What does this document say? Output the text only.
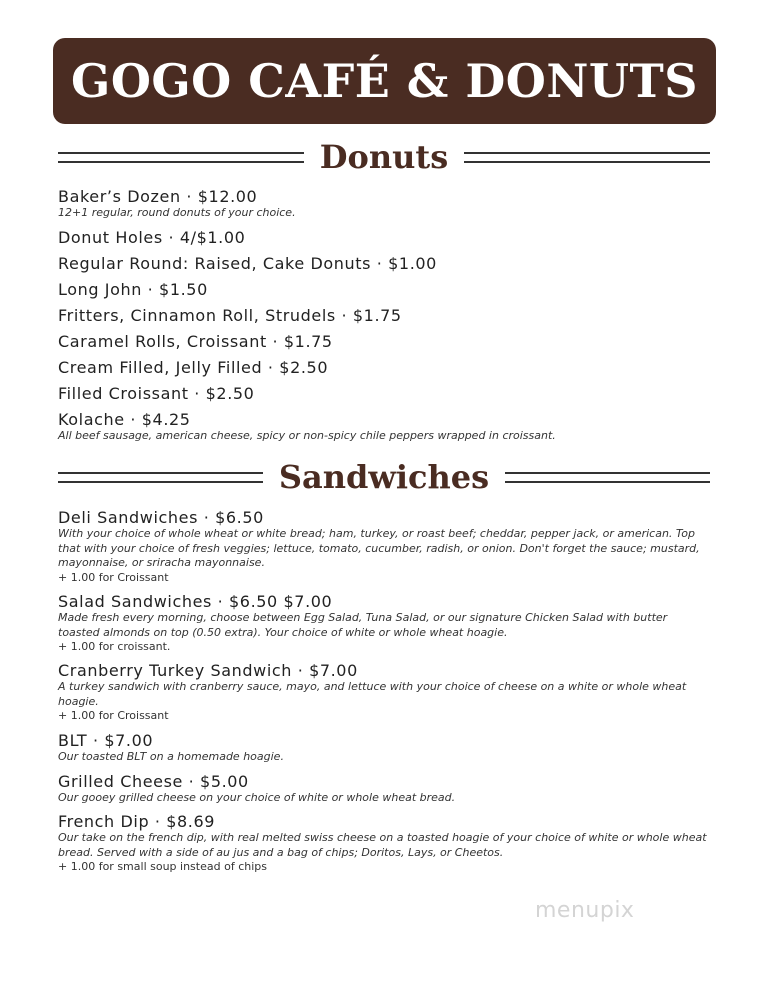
GOGO CAFÉ & DONUTS
Donuts
Baker’s Dozen · $12.00
12+1 regular, round donuts of your choice.
Donut Holes · 4/$1.00
Regular Round: Raised, Cake Donuts · $1.00
Long John · $1.50
Fritters, Cinnamon Roll, Strudels · $1.75
Caramel Rolls, Croissant · $1.75
Cream Filled, Jelly Filled · $2.50
Filled Croissant · $2.50
Kolache · $4.25
All beef sausage, american cheese, spicy or non-spicy chile peppers wrapped in croissant.
Sandwiches
Deli Sandwiches · $6.50
With your choice of whole wheat or white bread; ham, turkey, or roast beef; cheddar, pepper jack, or american. Top that with your choice of fresh veggies; lettuce, tomato, cucumber, radish, or onion. Don't forget the sauce; mustard, mayonnaise, or sriracha mayonnaise.
+ 1.00 for Croissant
Salad Sandwiches · $6.50 $7.00
Made fresh every morning, choose between Egg Salad, Tuna Salad, or our signature Chicken Salad with butter toasted almonds on top (0.50 extra). Your choice of white or whole wheat hoagie.
+ 1.00 for croissant.
Cranberry Turkey Sandwich · $7.00
A turkey sandwich with cranberry sauce, mayo, and lettuce with your choice of cheese on a white or whole wheat hoagie.
+ 1.00 for Croissant
BLT · $7.00
Our toasted BLT on a homemade hoagie.
Grilled Cheese · $5.00
Our gooey grilled cheese on your choice of white or whole wheat bread.
French Dip · $8.69
Our take on the french dip, with real melted swiss cheese on a toasted hoagie of your choice of white or whole wheat bread. Served with a side of au jus and a bag of chips; Doritos, Lays, or Cheetos.
+ 1.00 for small soup instead of chips
menupix
